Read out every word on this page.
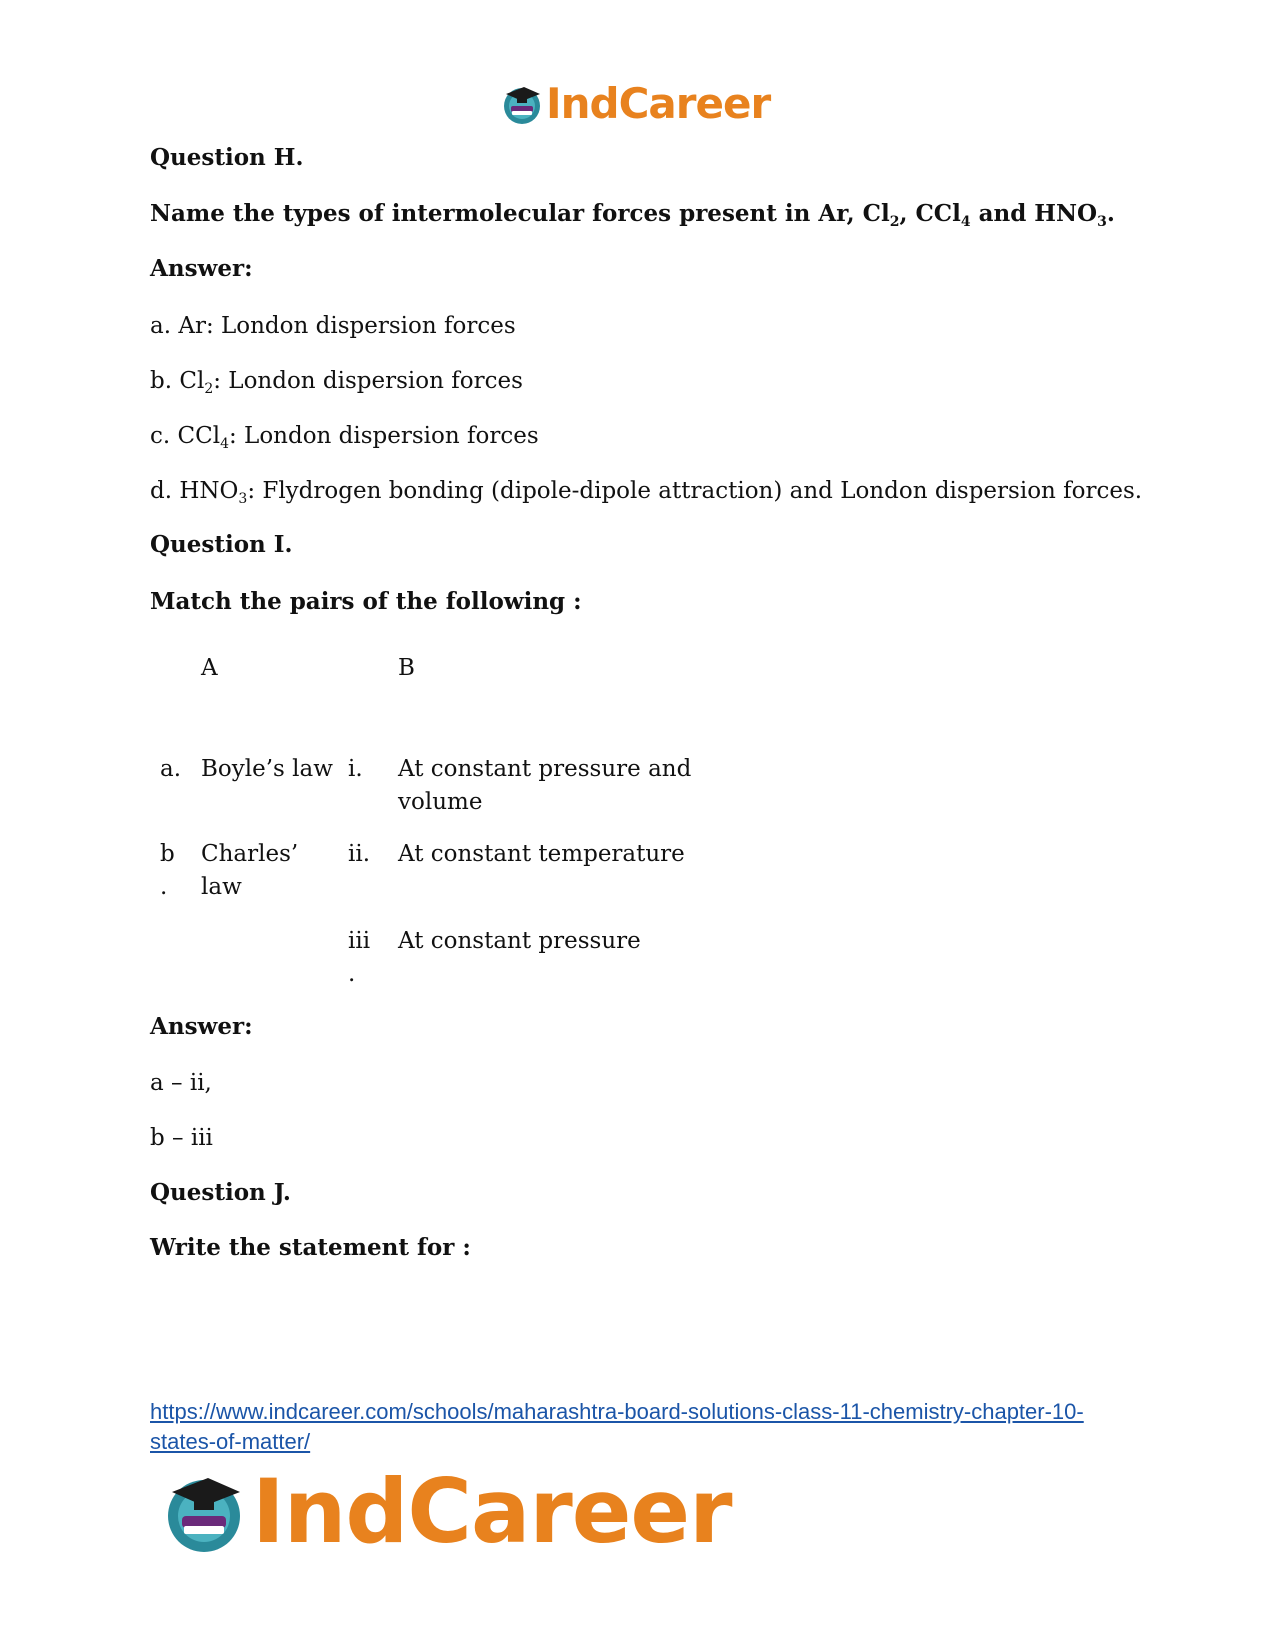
IndCareer
Question H.
Name the types of intermolecular forces present in Ar, $Cl_2$, CCl$_4$ and $HNO_3$.
Answer:
a. Ar: London dispersion forces
b. $Cl_2$: London dispersion forces
c. CCl$_4$: London dispersion forces
d. $HNO_3$: Flydrogen bonding (dipole-dipole attraction) and London dispersion forces.
Question I.
Match the pairs of the following :
A	B
a. Boyle’s law i. At constant pressure and
volume
b
.
Charles’
law
ii. At constant temperature
iii
.
At constant pressure
Answer:
a – ii,
b – iii
Question J.
Write the statement for :
https://www.indcareer.com/schools/maharashtra-board-solutions-class-11-chemistry-chapter-10-
states-of-matter/
IndCareer
